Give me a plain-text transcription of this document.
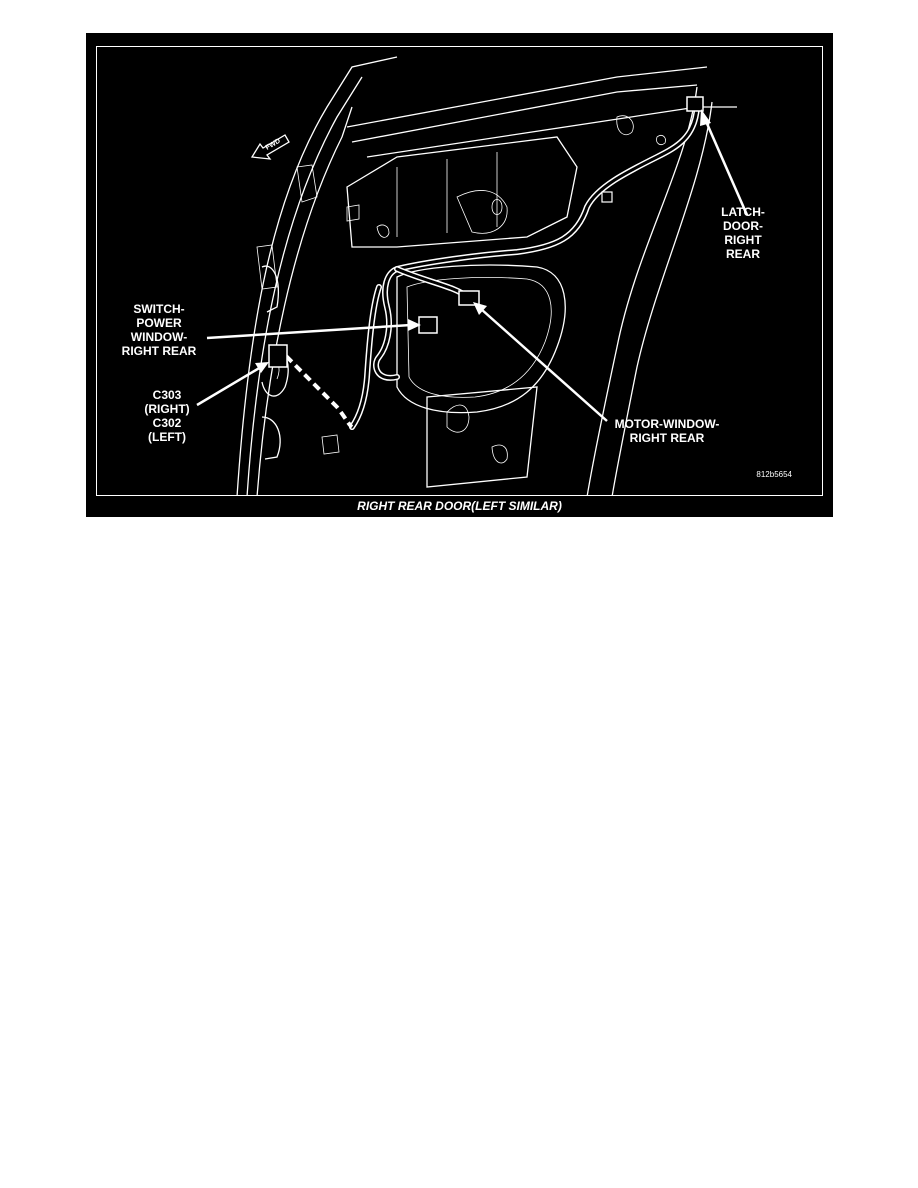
FWD
LATCH-
DOOR-
RIGHT
REAR
SWITCH-
POWER
WINDOW-
RIGHT REAR
C303
(RIGHT)
C302
(LEFT)
MOTOR-WINDOW-
RIGHT REAR
812b5654
RIGHT REAR DOOR(LEFT SIMILAR)
